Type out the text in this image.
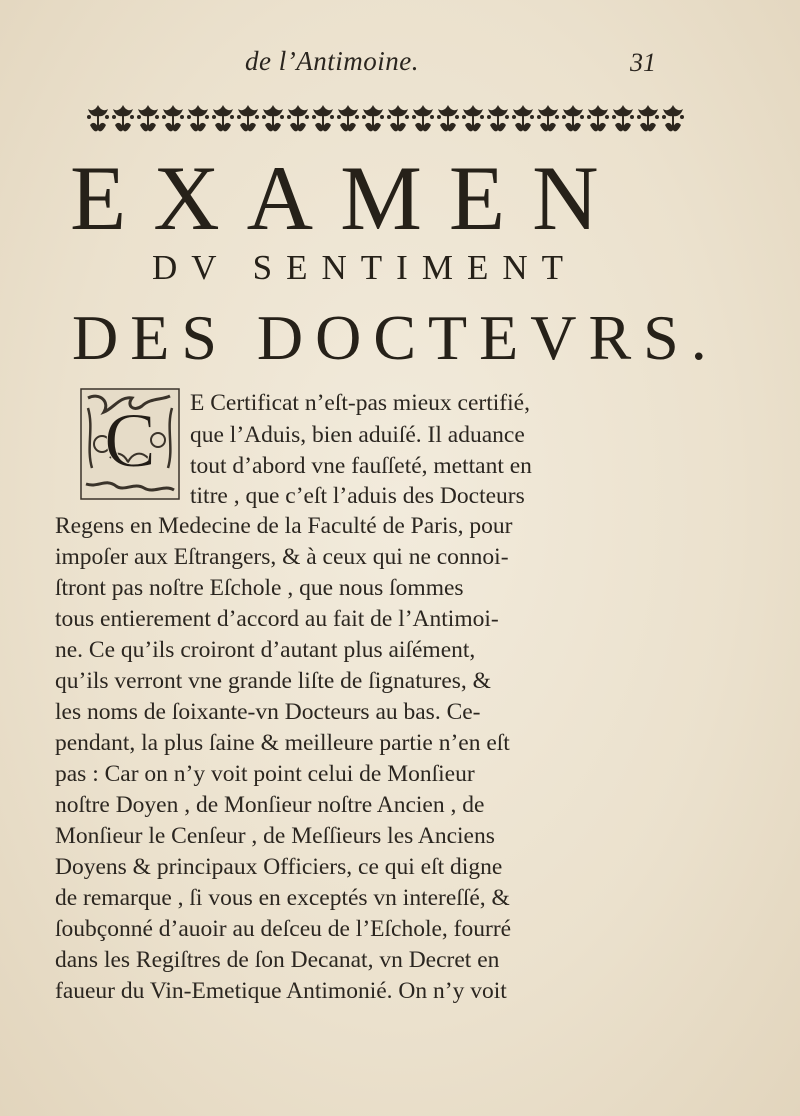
de l’Antimoine.	31
EXAMEN
DV SENTIMENT
DES DOCTEVRS.
C E Certificat n’eſt-pas mieux certifié,
que l’Aduis, bien aduiſé. Il aduance
tout d’abord vne fauſſeté, mettant en
titre , que c’eſt l’aduis des Docteurs
Regens en Medecine de la Faculté de Paris, pour
impoſer aux Eſtrangers, & à ceux qui ne connoi-
ſtront pas noſtre Eſchole , que nous ſommes
tous entierement d’accord au fait de l’Antimoi-
ne. Ce qu’ils croiront d’autant plus aiſément,
qu’ils verront vne grande liſte de ſignatures, &
les noms de ſoixante-vn Docteurs au bas. Ce-
pendant, la plus ſaine & meilleure partie n’en eſt
pas : Car on n’y voit point celui de Monſieur
noſtre Doyen , de Monſieur noſtre Ancien , de
Monſieur le Cenſeur , de Meſſieurs les Anciens
Doyens & principaux Officiers, ce qui eſt digne
de remarque , ſi vous en exceptés vn intereſſé, &
ſoubçonné d’auoir au deſceu de l’Eſchole, fourré
dans les Regiſtres de ſon Decanat, vn Decret en
faueur du Vin-Emetique Antimonié. On n’y voit
